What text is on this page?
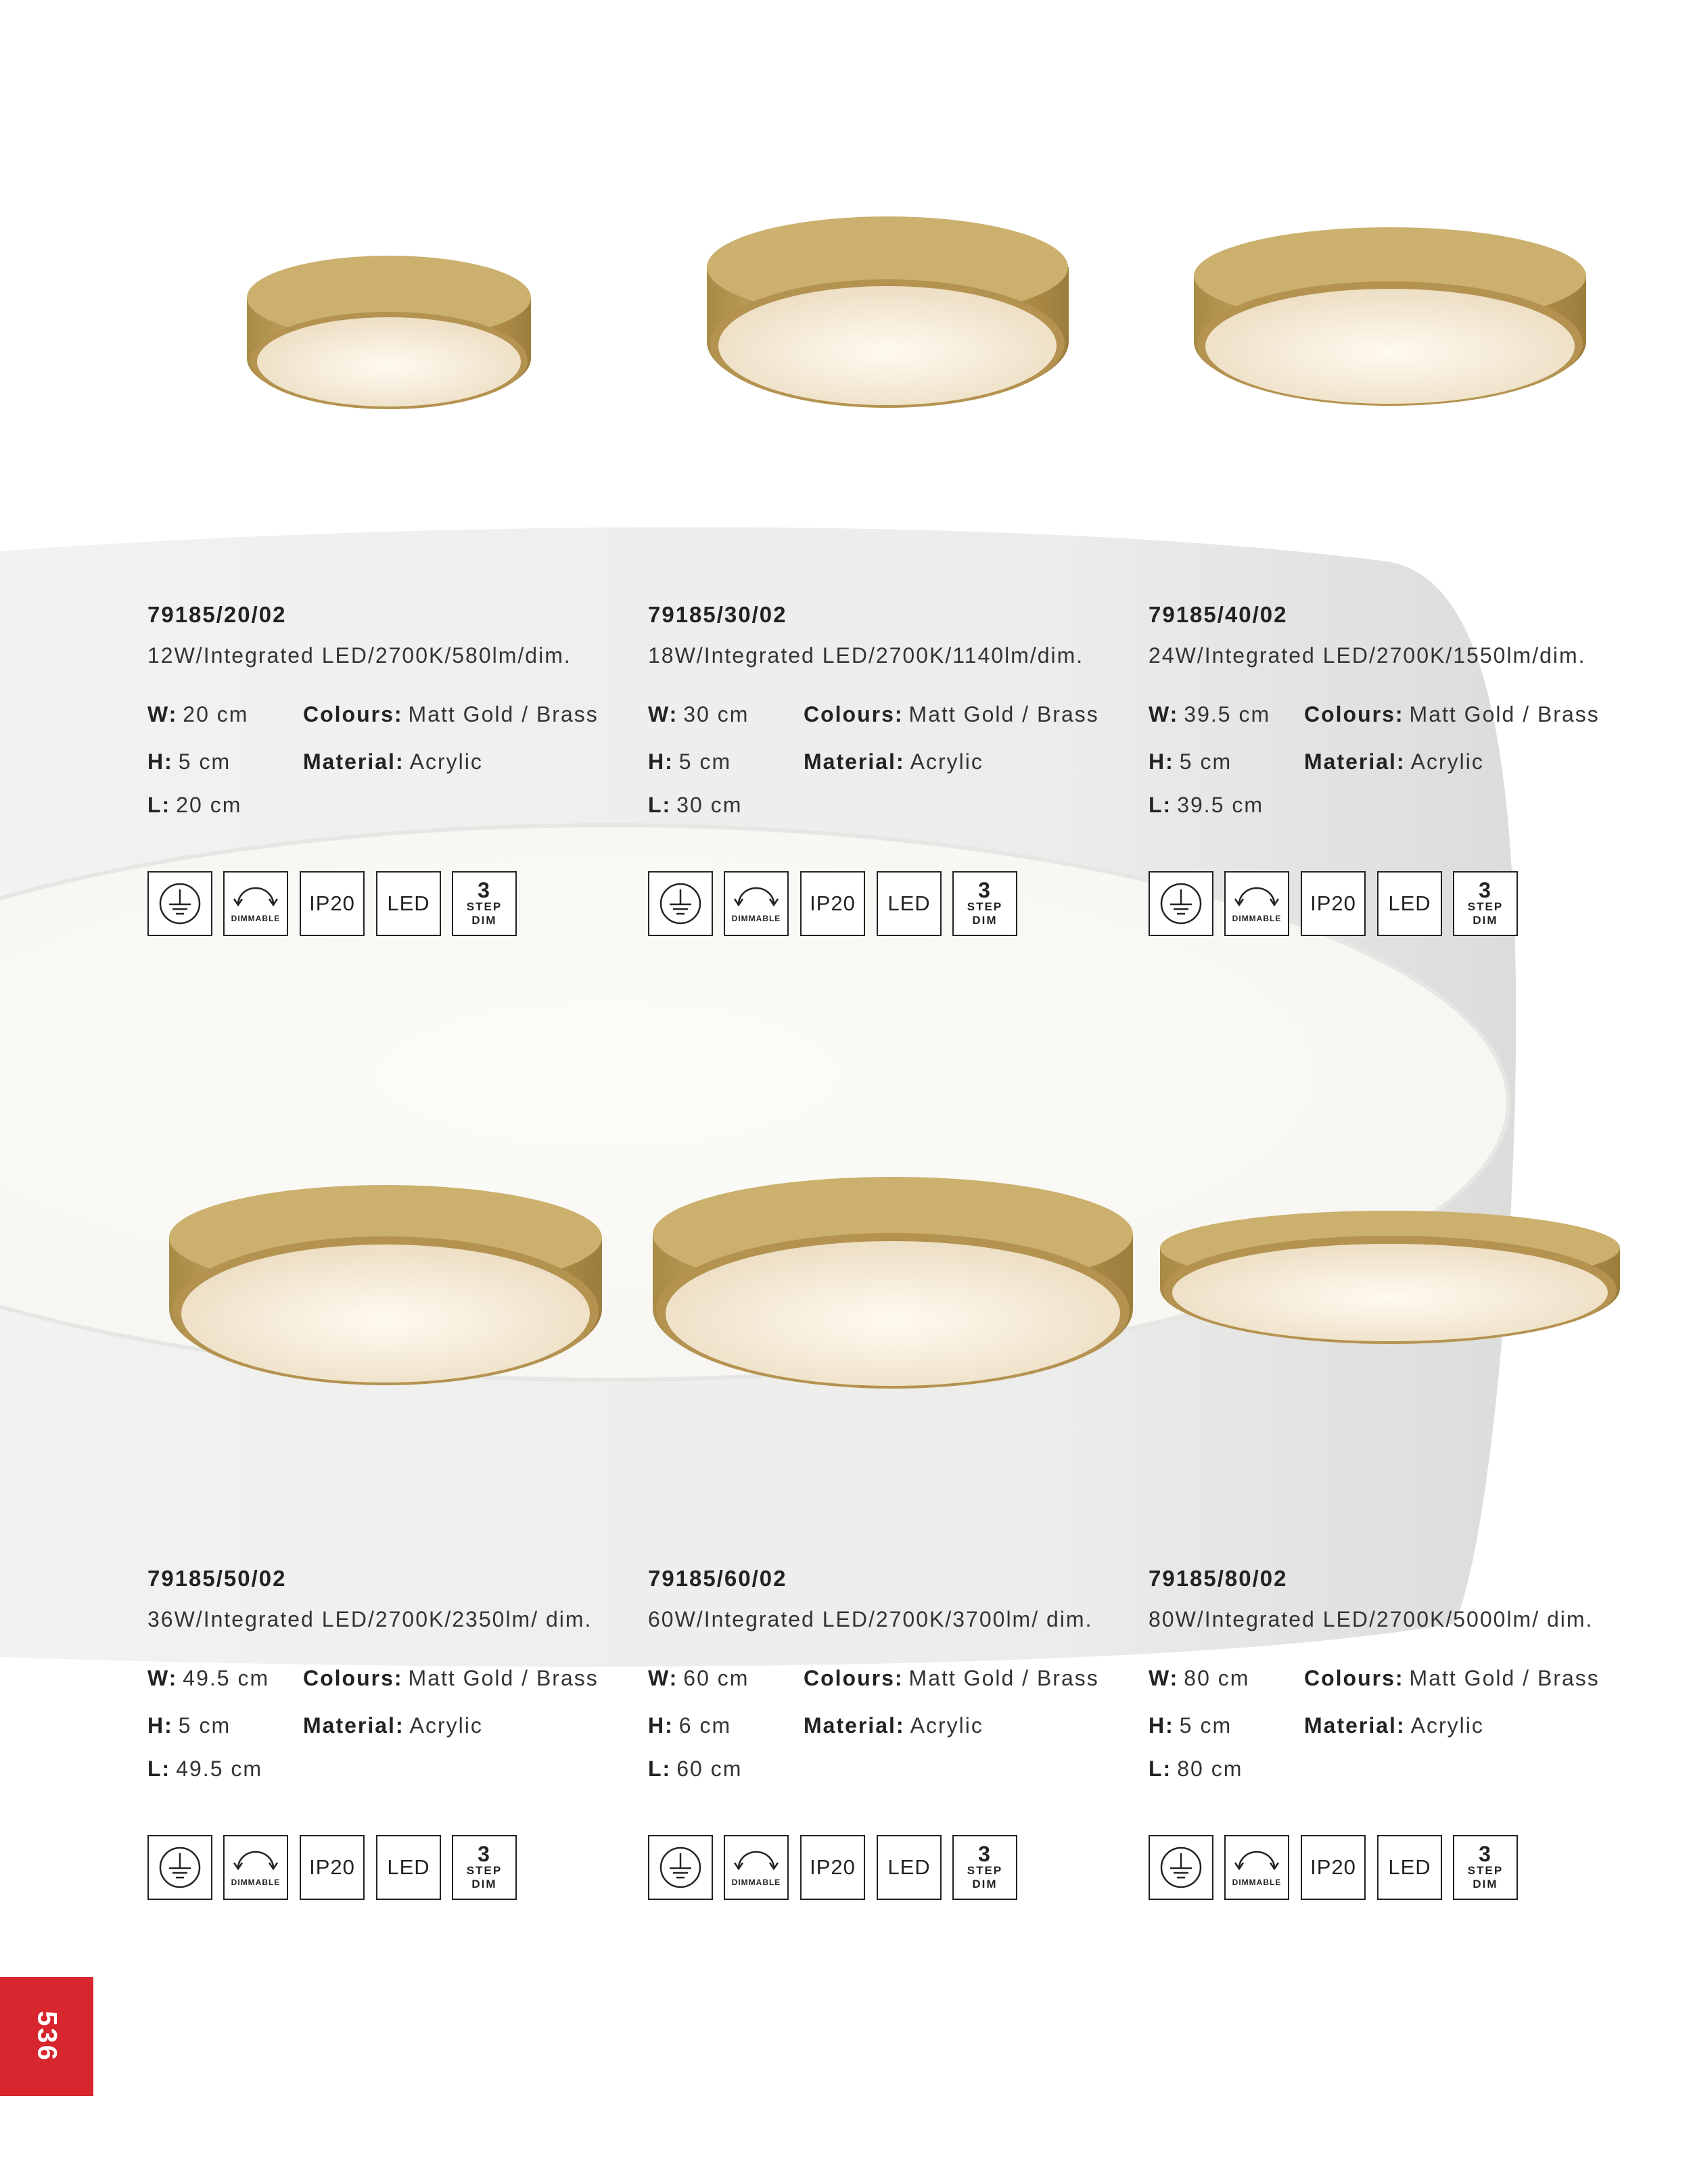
79185/20/02
12W/Integrated LED/2700K/580lm/dim.
W: 20 cm
H: 5 cm
L: 20 cm
Colours: Matt Gold / Brass
Material: Acrylic
DIMMABLE
IP20 LED
3
STEP
DIM
79185/30/02
18W/Integrated LED/2700K/1140lm/dim.
W: 30 cm
H: 5 cm
L: 30 cm
Colours: Matt Gold / Brass
Material: Acrylic
DIMMABLE
IP20 LED
3
STEP
DIM
79185/40/02
24W/Integrated LED/2700K/1550lm/dim.
W: 39.5 cm
H: 5 cm
L: 39.5 cm
Colours: Matt Gold / Brass
Material: Acrylic
DIMMABLE
IP20 LED
3
STEP
DIM
79185/50/02
36W/Integrated LED/2700K/2350lm/ dim.
W: 49.5 cm
H: 5 cm
L: 49.5 cm
Colours: Matt Gold / Brass
Material: Acrylic
DIMMABLE
IP20 LED
3
STEP
DIM
79185/60/02
60W/Integrated LED/2700K/3700lm/ dim.
W: 60 cm
H: 6 cm
L: 60 cm
Colours: Matt Gold / Brass
Material: Acrylic
DIMMABLE
IP20 LED
3
STEP
DIM
79185/80/02
80W/Integrated LED/2700K/5000lm/ dim.
W: 80 cm
H: 5 cm
L: 80 cm
Colours: Matt Gold / Brass
Material: Acrylic
DIMMABLE
IP20 LED
3
STEP
DIM
536
